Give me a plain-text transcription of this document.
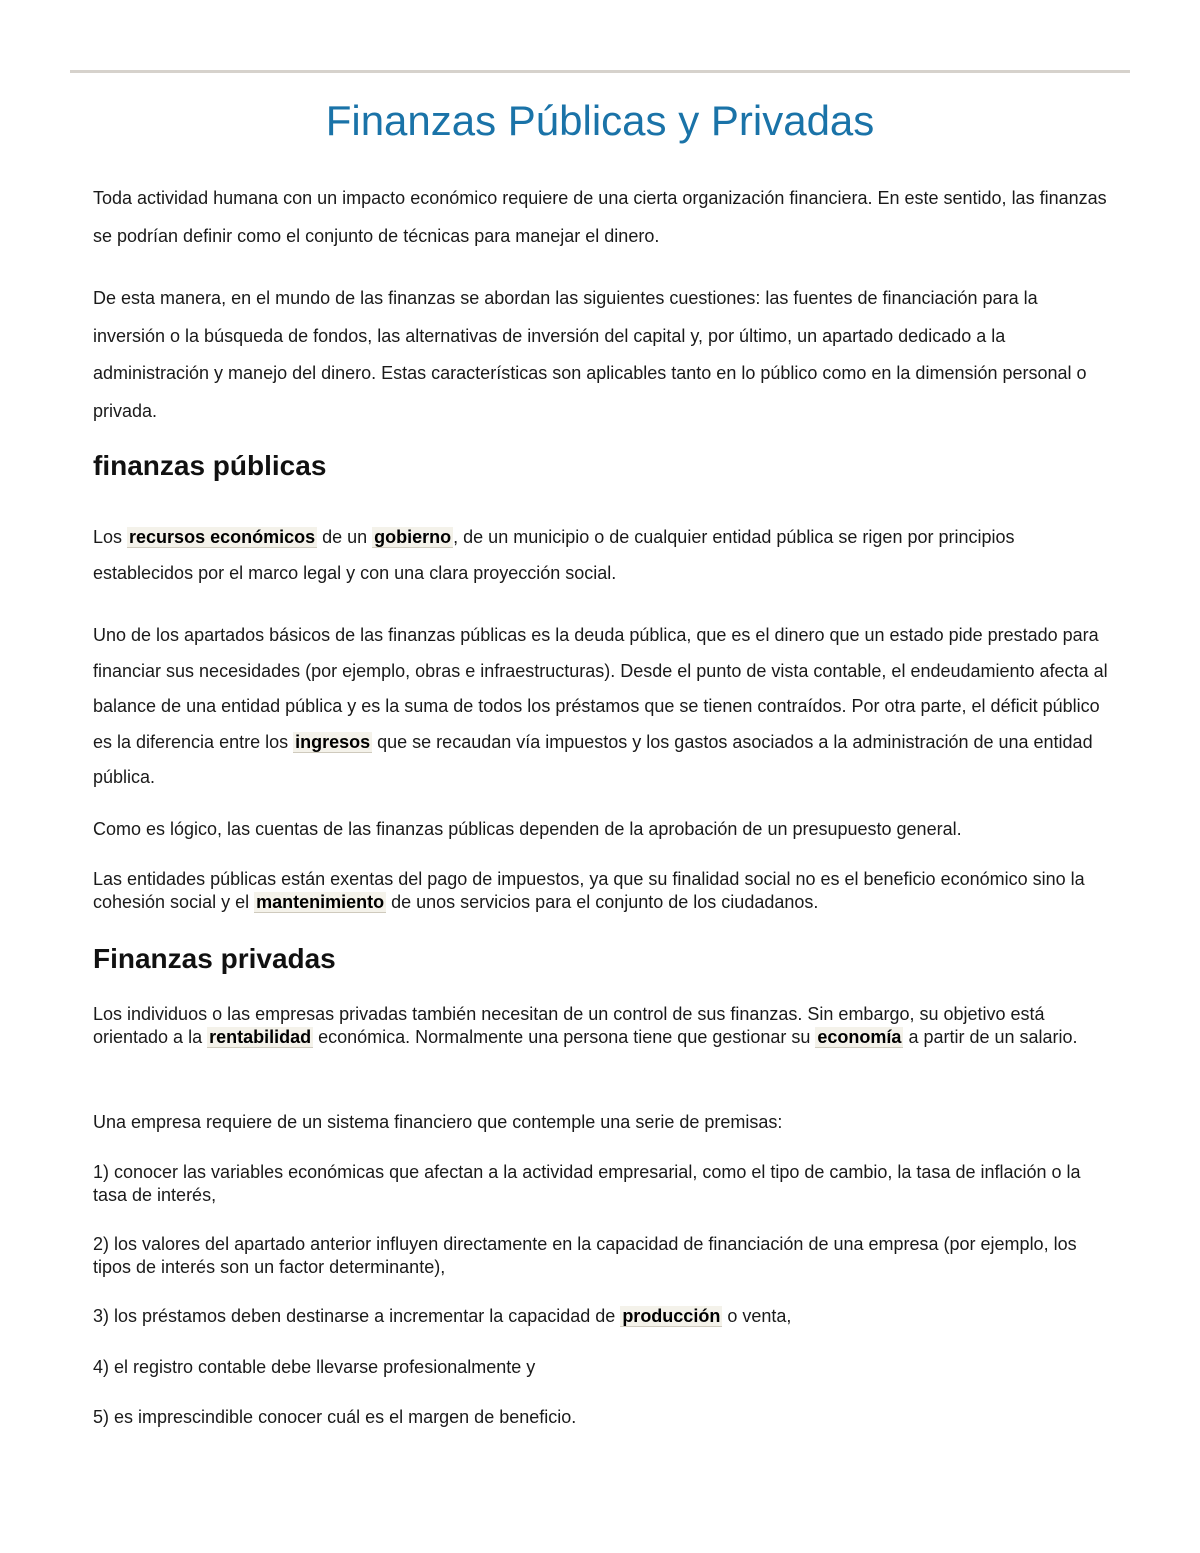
Finanzas Públicas y Privadas

Toda actividad humana con un impacto económico requiere de una cierta organización financiera. En este sentido, las finanzas se podrían definir como el conjunto de técnicas para manejar el dinero.

De esta manera, en el mundo de las finanzas se abordan las siguientes cuestiones: las fuentes de financiación para la inversión o la búsqueda de fondos, las alternativas de inversión del capital y, por último, un apartado dedicado a la administración y manejo del dinero. Estas características son aplicables tanto en lo público como en la dimensión personal o privada.

finanzas públicas

Los recursos económicos de un gobierno , de un municipio o de cualquier entidad pública se rigen por principios establecidos por el marco legal y con una clara proyección social.

Uno de los apartados básicos de las finanzas públicas es la deuda pública, que es el dinero que un estado pide prestado para financiar sus necesidades (por ejemplo, obras e infraestructuras). Desde el punto de vista contable, el endeudamiento afecta al balance de una entidad pública y es la suma de todos los préstamos que se tienen contraídos. Por otra parte, el déficit público es la diferencia entre los ingresos que se recaudan vía impuestos y los gastos asociados a la administración de una entidad pública.

Como es lógico, las cuentas de las finanzas públicas dependen de la aprobación de un presupuesto general.

Las entidades públicas están exentas del pago de impuestos, ya que su finalidad social no es el beneficio económico sino la cohesión social y el mantenimiento de unos servicios para el conjunto de los ciudadanos.

Finanzas privadas

Los individuos o las empresas privadas también necesitan de un control de sus finanzas. Sin embargo, su objetivo está orientado a la rentabilidad económica. Normalmente una persona tiene que gestionar su economía a partir de un salario.

Una empresa requiere de un sistema financiero que contemple una serie de premisas:

1) conocer las variables económicas que afectan a la actividad empresarial, como el tipo de cambio, la tasa de inflación o la tasa de interés,

2) los valores del apartado anterior influyen directamente en la capacidad de financiación de una empresa (por ejemplo, los tipos de interés son un factor determinante),

3) los préstamos deben destinarse a incrementar la capacidad de producción o venta,

4) el registro contable debe llevarse profesionalmente y

5) es imprescindible conocer cuál es el margen de beneficio.
